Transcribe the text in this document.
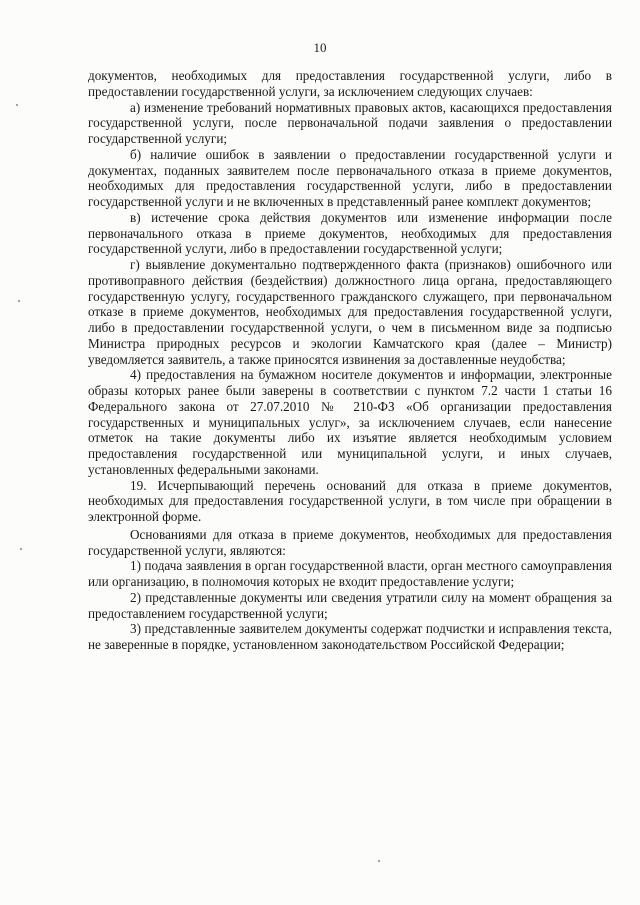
10

документов, необходимых для предоставления государственной услуги, либо в предоставлении государственной услуги, за исключением следующих случаев:

а) изменение требований нормативных правовых актов, касающихся предоставления государственной услуги, после первоначальной подачи заявления о предоставлении государственной услуги;

б) наличие ошибок в заявлении о предоставлении государственной услуги и документах, поданных заявителем после первоначального отказа в приеме документов, необходимых для предоставления государственной услуги, либо в предоставлении государственной услуги и не включенных в представленный ранее комплект документов;

в) истечение срока действия документов или изменение информации после первоначального отказа в приеме документов, необходимых для предоставления государственной услуги, либо в предоставлении государственной услуги;

г) выявление документально подтвержденного факта (признаков) ошибочного или противоправного действия (бездействия) должностного лица органа, предоставляющего государственную услугу, государственного гражданского служащего, при первоначальном отказе в приеме документов, необходимых для предоставления государственной услуги, либо в предоставлении государственной услуги, о чем в письменном виде за подписью Министра природных ресурсов и экологии Камчатского края (далее – Министр) уведомляется заявитель, а также приносятся извинения за доставленные неудобства;

4) предоставления на бумажном носителе документов и информации, электронные образы которых ранее были заверены в соответствии с пунктом 7.2 части 1 статьи 16 Федерального закона от 27.07.2010 № 210-ФЗ «Об организации предоставления государственных и муниципальных услуг», за исключением случаев, если нанесение отметок на такие документы либо их изъятие является необходимым условием предоставления государственной или муниципальной услуги, и иных случаев, установленных федеральными законами.

19. Исчерпывающий перечень оснований для отказа в приеме документов, необходимых для предоставления государственной услуги, в том числе при обращении в электронной форме.

Основаниями для отказа в приеме документов, необходимых для предоставления государственной услуги, являются:

1) подача заявления в орган государственной власти, орган местного самоуправления или организацию, в полномочия которых не входит предоставление услуги;

2) представленные документы или сведения утратили силу на момент обращения за предоставлением государственной услуги;

3) представленные заявителем документы содержат подчистки и исправления текста, не заверенные в порядке, установленном законодательством Российской Федерации;
